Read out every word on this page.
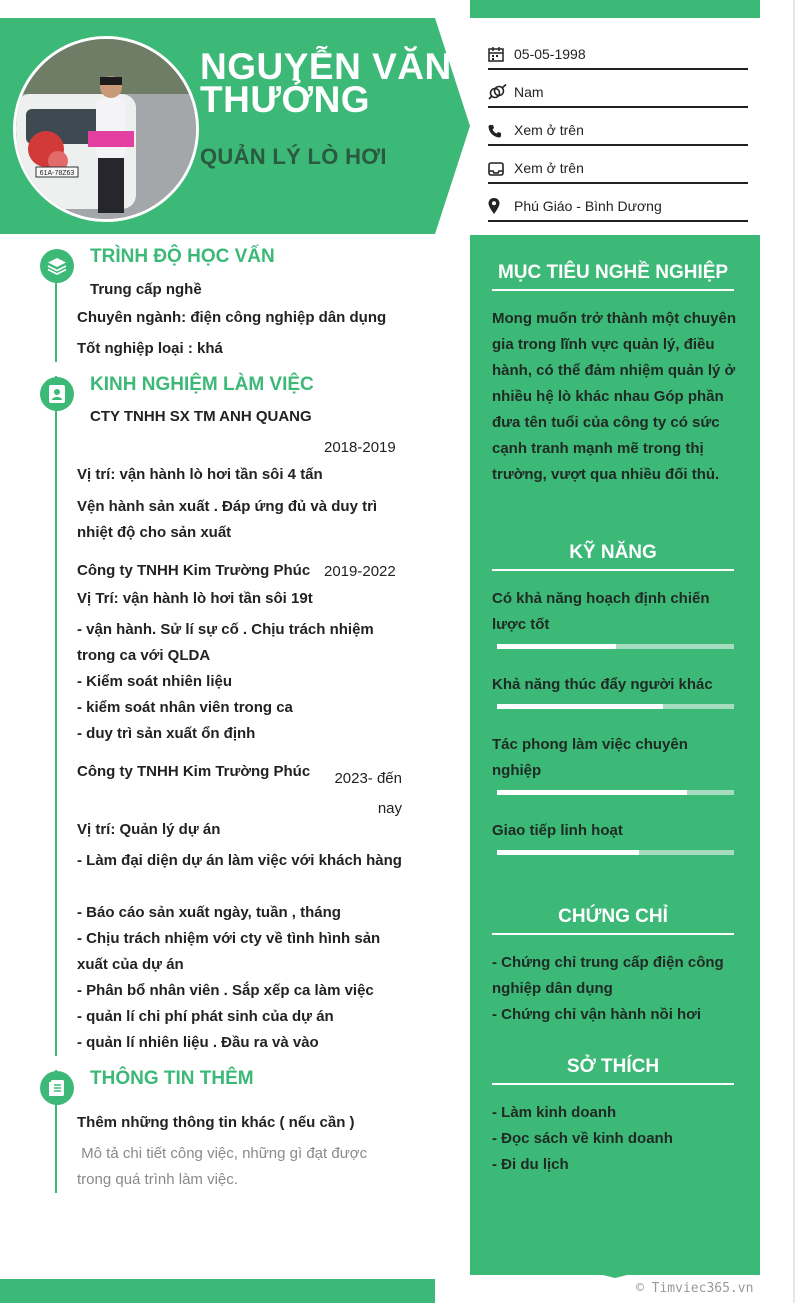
61A-78Z63
NGUYỄN VĂN THƯỞNG
QUẢN LÝ LÒ HƠI
05-05-1998
Nam
Xem ở trên
Xem ở trên
Phú Giáo - Bình Dương
MỤC TIÊU NGHỀ NGHIỆP
Mong muốn trở thành một chuyên gia trong lĩnh vực quản lý, điều hành, có thể đảm nhiệm quản lý ở nhiều hệ lò khác nhau Góp phần đưa tên tuổi của công ty có sức cạnh tranh mạnh mẽ trong thị trường, vượt qua nhiều đối thủ.
KỸ NĂNG
Có khả năng hoạch định chiến lược tốt
Khả năng thúc đẩy người khác
Tác phong làm việc chuyên nghiệp
Giao tiếp linh hoạt
CHỨNG CHỈ
- Chứng chỉ trung cấp điện công nghiệp dân dụng
- Chứng chỉ vận hành nồi hơi
SỞ THÍCH
- Làm kinh doanh
- Đọc sách về kinh doanh
- Đi du lịch
TRÌNH ĐỘ HỌC VẤN
Trung cấp nghề
Chuyên ngành: điện công nghiệp dân dụng
Tốt nghiệp loại : khá
KINH NGHIỆM LÀM VIỆC
CTY TNHH SX TM ANH QUANG
2018-2019
Vị trí: vận hành lò hơi tần sôi 4 tấn
Vện hành sản xuất . Đáp ứng đủ và duy trì nhiệt độ cho sản xuất
Công ty TNHH Kim Trường Phúc 2019-2022
Vị Trí: vận hành lò hơi tần sôi 19t
- vận hành. Sử lí sự cố . Chịu trách nhiệm trong ca với QLDA
- Kiểm soát nhiên liệu
- kiểm soát nhân viên trong ca
- duy trì sản xuất ổn định
Công ty TNHH Kim Trường Phúc	2023- đến nay
Vị trí: Quản lý dự án
- Làm đại diện dự án làm việc với khách hàng
- Báo cáo sản xuất ngày, tuần , tháng
- Chịu trách nhiệm với cty về tình hình sản xuất của dự án
- Phân bổ nhân viên . Sắp xếp ca làm việc
- quản lí chi phí phát sinh của dự án
- quản lí nhiên liệu . Đầu ra và vào
THÔNG TIN THÊM
Thêm những thông tin khác ( nếu cần )
Mô tả chi tiết công việc, những gì đạt được trong quá trình làm việc.
© Timviec365.vn
